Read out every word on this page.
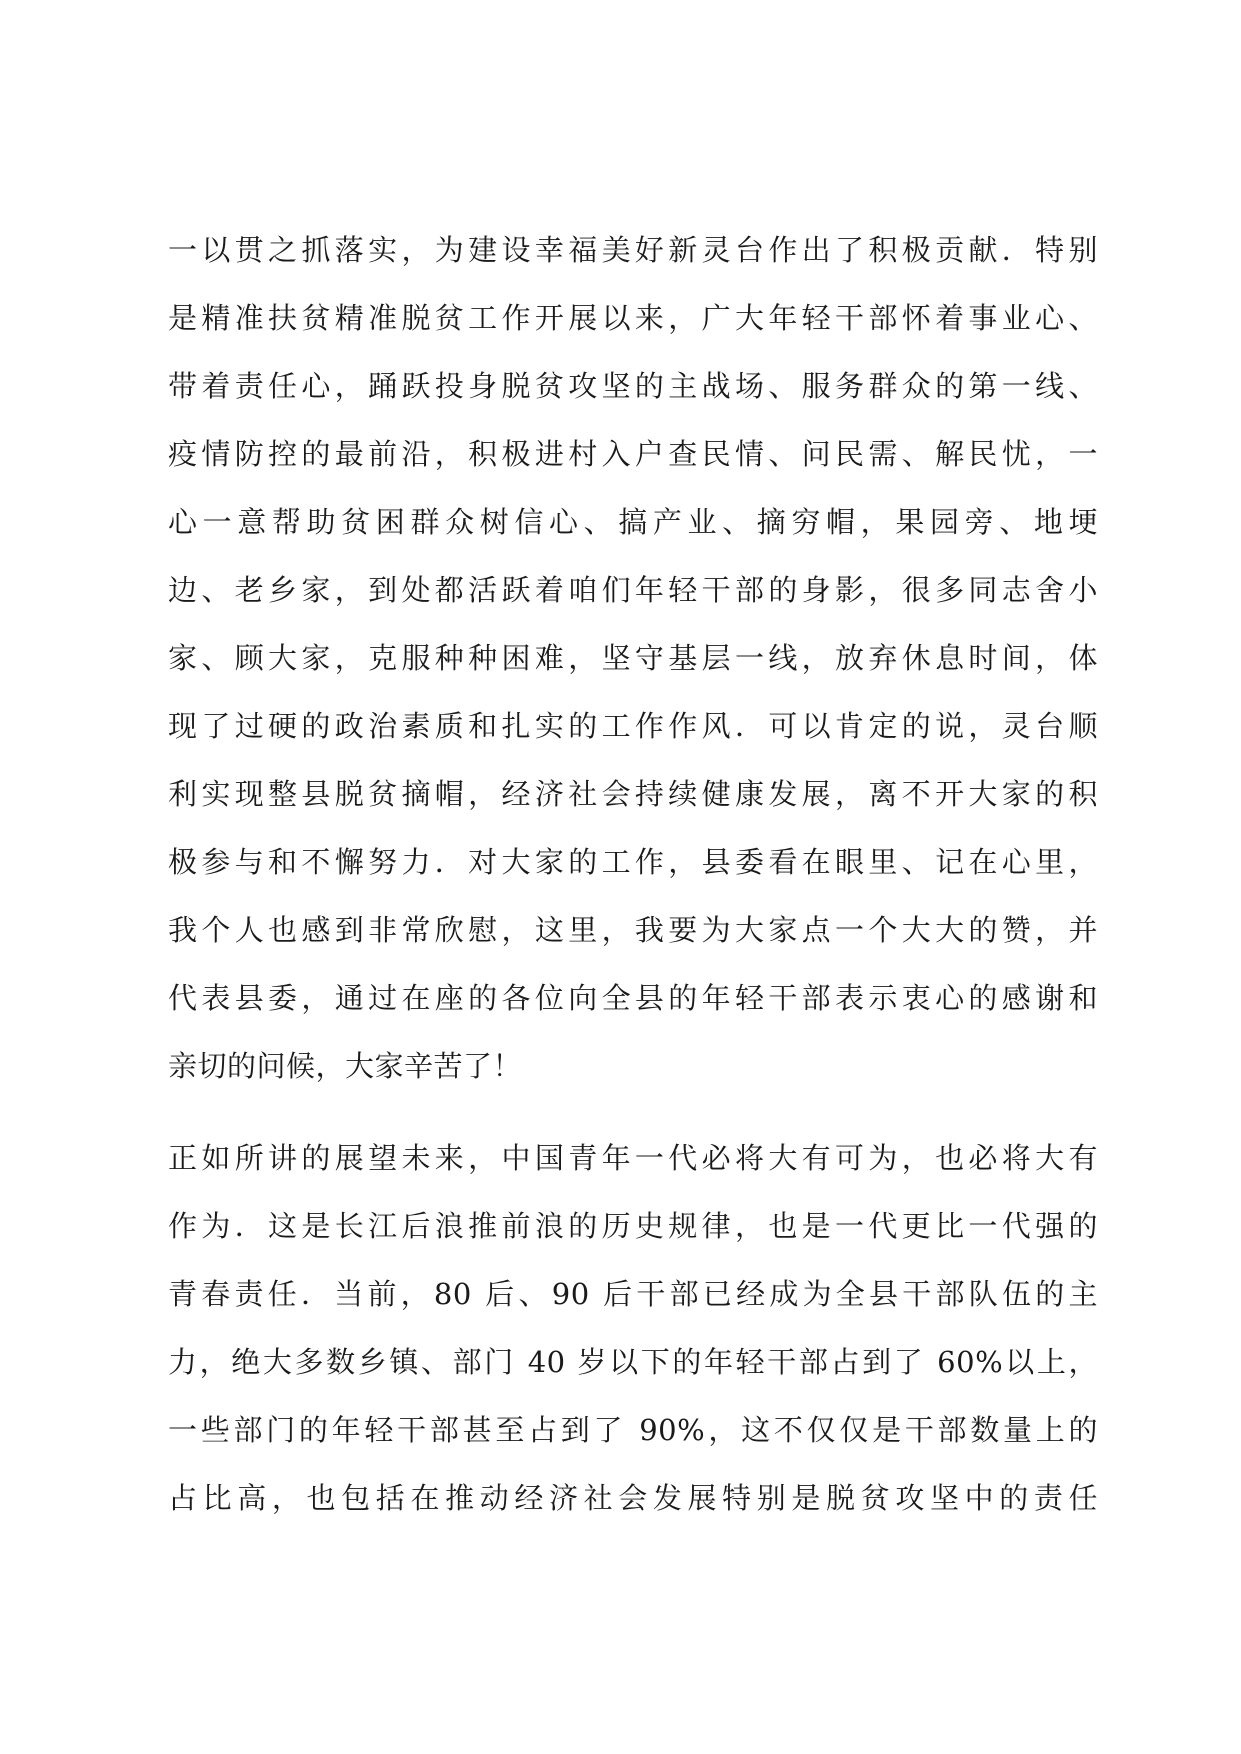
一以贯之抓落实，为建设幸福美好新灵台作出了积极贡献．特别
是精准扶贫精准脱贫工作开展以来，广大年轻干部怀着事业心、
带着责任心，踊跃投身脱贫攻坚的主战场、服务群众的第一线、
疫情防控的最前沿，积极进村入户查民情、问民需、解民忧，一
心一意帮助贫困群众树信心、搞产业、摘穷帽，果园旁、地埂
边、老乡家，到处都活跃着咱们年轻干部的身影，很多同志舍小
家、顾大家，克服种种困难，坚守基层一线，放弃休息时间，体
现了过硬的政治素质和扎实的工作作风．可以肯定的说，灵台顺
利实现整县脱贫摘帽，经济社会持续健康发展，离不开大家的积
极参与和不懈努力．对大家的工作，县委看在眼里、记在心里，
我个人也感到非常欣慰，这里，我要为大家点一个大大的赞，并
代表县委，通过在座的各位向全县的年轻干部表示衷心的感谢和
亲切的问候，大家辛苦了！
正如所讲的展望未来，中国青年一代必将大有可为，也必将大有
作为．这是长江后浪推前浪的历史规律，也是一代更比一代强的
青春责任．当前，80 后、90 后干部已经成为全县干部队伍的主
力，绝大多数乡镇、部门 40 岁以下的年轻干部占到了 60%以上，
一些部门的年轻干部甚至占到了 90%，这不仅仅是干部数量上的
占比高，也包括在推动经济社会发展特别是脱贫攻坚中的责任
